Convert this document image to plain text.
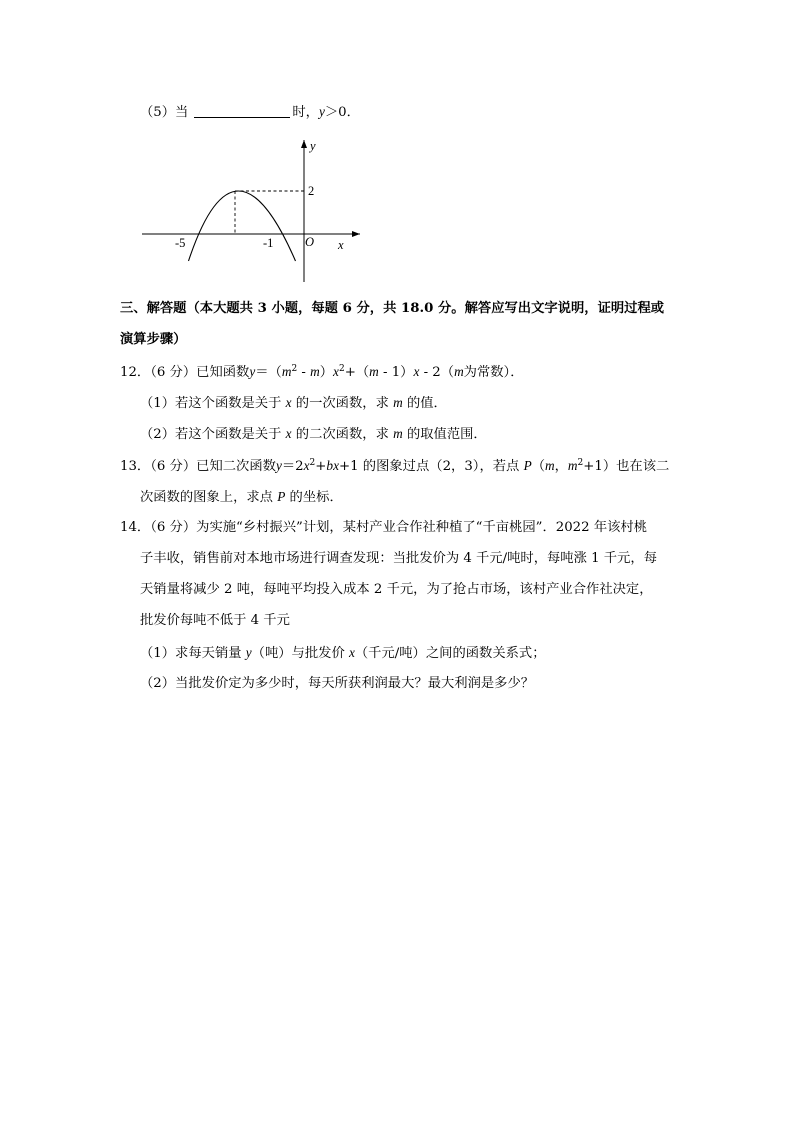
（5）当	时，y＞0．
y
x
O
2
-5	-1
三、解答题（本大题共 3 小题，每题 6 分，共 18.0 分。解答应写出文字说明，证明过程或
演算步骤）
12．（6 分）已知函数$y=(m^2 - m)x^2+(m - 1)x - 2(m$为常数）．
（1）若这个函数是关于 x 的一次函数，求 m 的值．
（2）若这个函数是关于 x 的二次函数，求 m 的取值范围．
13．（6 分）已知二次函数$y=2x^2+bx+1$ 的图象过点（2，3），若点 P（m，$m^2+1$）也在该二
次函数的图象上，求点 P 的坐标．
14．（6 分）为实施“乡村振兴”计划，某村产业合作社种植了“千亩桃园”．2022 年该村桃
子丰收，销售前对本地市场进行调查发现：当批发价为 4 千元/吨时，每吨涨 1 千元，每
天销量将减少 2 吨，每吨平均投入成本 2 千元，为了抢占市场，该村产业合作社决定，
批发价每吨不低于 4 千元
（1）求每天销量 y（吨）与批发价 x（千元/吨）之间的函数关系式；
（2）当批发价定为多少时，每天所获利润最大？最大利润是多少？
